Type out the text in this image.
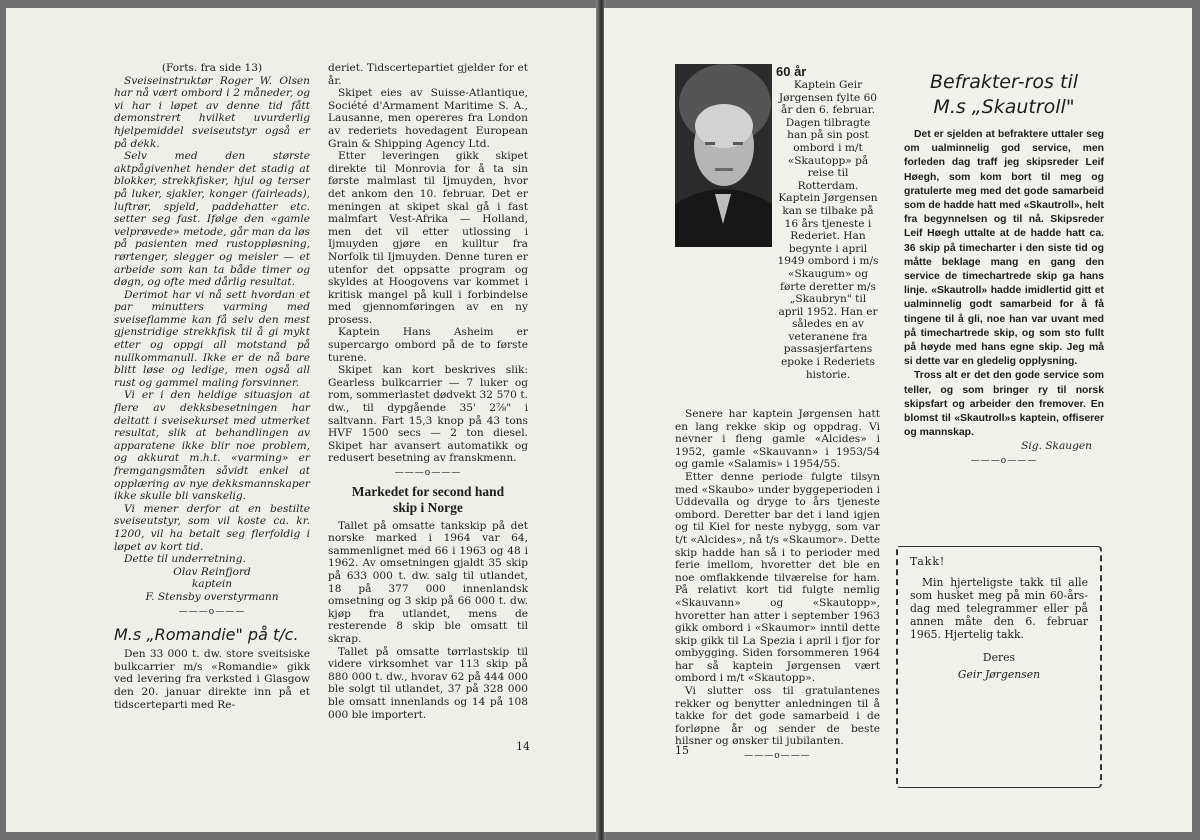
(Forts. fra side 13)

Sveiseinstruktør Roger W. Olsen har nå vært ombord i 2 måneder, og vi har i løpet av denne tid fått demonstrert hvilket uvurderlig hjelpemiddel sveiseutstyr også er på dekk.

Selv med den største aktpågivenhet hender det stadig at blokker, strekkfisker, hjul og terser på luker, sjakler, konger (fairleads), luftrør, spjeld, paddehatter etc. setter seg fast. Ifølge den «gamle velprøvede» metode, går man da løs på pasienten med rustoppløsning, rørtenger, slegger og meisler — et arbeide som kan ta både timer og døgn, og ofte med dårlig resultat.

Derimot har vi nå sett hvordan et par minutters varming med sveiseflamme kan få selv den mest gjenstridige strekkfisk til å gi mykt etter og oppgi all motstand på nullkommanull. Ikke er de nå bare blitt løse og ledige, men også all rust og gammel maling forsvinner.

Vi er i den heldige situasjon at flere av dekksbesetningen har deltatt i sveisekurset med utmerket resultat, slik at behandlingen av apparatene ikke blir noe problem, og akkurat m.h.t. «varming» er fremgangsmåten såvidt enkel at opplæring av nye dekksmannskaper ikke skulle bli vanskelig.

Vi mener derfor at en bestilte sveiseutstyr, som vil koste ca. kr. 1200, vil ha betalt seg flerfoldig i løpet av kort tid.

Dette til underretning.

Olav Reinfjord
kaptein
F. Stensby overstyrmann
———o———
M.s „Romandie" på t/c.

Den 33 000 t. dw. store sveitsiske bulkcarrier m/s «Romandie» gikk ved levering fra verksted i Glasgow den 20. januar direkte inn på et tidscerteparti med Re-

deriet. Tidscertepartiet gjelder for et år.

Skipet eies av Suisse-Atlantique, Société d'Armament Maritime S. A., Lausanne, men opereres fra London av rederiets hovedagent European Grain & Shipping Agency Ltd.

Etter leveringen gikk skipet direkte til Monrovia for å ta sin første malmlast til Ijmuyden, hvor det ankom den 10. februar. Det er meningen at skipet skal gå i fast malmfart Vest-Afrika — Holland, men det vil etter utlossing i Ijmuyden gjøre en kulltur fra Norfolk til Ijmuyden. Denne turen er utenfor det oppsatte program og skyldes at Hoogovens var kommet i kritisk mangel på kull i forbindelse med gjennomføringen av en ny prosess.

Kaptein Hans Asheim er supercargo ombord på de to første turene.

Skipet kan kort beskrives slik: Gearless bulkcarrier — 7 luker og rom, sommerlastet dødvekt 32 570 t. dw., til dypgående 35' 2⅞" i saltvann. Fart 15,3 knop på 43 tons HVF 1500 secs — 2 ton diesel. Skipet har avansert automatikk og redusert besetning av franskmenn.

———o———
Markedet for second hand skip i Norge

Tallet på omsatte tankskip på det norske marked i 1964 var 64, sammenlignet med 66 i 1963 og 48 i 1962. Av omsetningen gjaldt 35 skip på 633 000 t. dw. salg til utlandet, 18 på 377 000 innenlandsk omsetning og 3 skip på 66 000 t. dw. kjøp fra utlandet, mens de resterende 8 skip ble omsatt til skrap.

Tallet på omsatte tørrlastskip til videre virksomhet var 113 skip på 880 000 t. dw., hvorav 62 på 444 000 ble solgt til utlandet, 37 på 328 000 ble omsatt innenlands og 14 på 108 000 ble importert.

14
60 år

Kaptein Geir Jørgensen fylte 60 år den 6. februar. Dagen tilbragte han på sin post ombord i m/t «Skautopp» på reise til Rotterdam.

Kaptein Jørgensen kan se tilbake på 16 års tjeneste i Rederiet. Han begynte i april 1949 ombord i m/s «Skaugum» og førte deretter m/s „Skaubryn" til april 1952. Han er således en av veteranene fra passasjerfartens epoke i Rederiets historie.

Senere har kaptein Jørgensen hatt en lang rekke skip og oppdrag. Vi nevner i fleng gamle «Alcides» i 1952, gamle «Skauvann» i 1953/54 og gamle «Salamis» i 1954/55.

Etter denne periode fulgte tilsyn med «Skaubo» under byggeperioden i Uddevalla og dryge to års tjeneste ombord. Deretter bar det i land igjen og til Kiel for neste nybygg, som var t/t «Alcides», nå t/s «Skaumor». Dette skip hadde han så i to perioder med ferie imellom, hvoretter det ble en noe omflakkende tilværelse for ham. På relativt kort tid fulgte nemlig «Skauvann» og «Skautopp», hvoretter han atter i september 1963 gikk ombord i «Skaumor» inntil dette skip gikk til La Spezia i april i fjor for ombygging. Siden forsommeren 1964 har så kaptein Jørgensen vært ombord i m/t «Skautopp».

Vi slutter oss til gratulantenes rekker og benytter anledningen til å takke for det gode samarbeid i de forløpne år og sender de beste hilsner og ønsker til jubilanten.

———o———
Befrakter-ros til
M.s „Skautroll"

Det er sjelden at befraktere uttaler seg om ualminnelig god service, men forleden dag traff jeg skipsreder Leif Høegh, som kom bort til meg og gratulerte meg med det gode samarbeid som de hadde hatt med «Skautroll», helt fra begynnelsen og til nå. Skipsreder Leif Høegh uttalte at de hadde hatt ca. 36 skip på timecharter i den siste tid og måtte beklage mang en gang den service de timechartrede skip ga hans linje. «Skautroll» hadde imidlertid gitt et ualminnelig godt samarbeid for å få tingene til å gli, noe han var uvant med på timechartrede skip, og som sto fullt på høyde med hans egne skip. Jeg må si dette var en gledelig opplysning.

Tross alt er det den gode service som teller, og som bringer ry til norsk skipsfart og arbeider den fremover. En blomst til «Skautroll»s kaptein, offiserer og mannskap.

Sig. Skaugen
———o———
Takk!

Min hjerteligste takk til alle som husket meg på min 60-års-dag med telegrammer eller på annen måte den 6. februar 1965. Hjertelig takk.

Deres
Geir Jørgensen
15
